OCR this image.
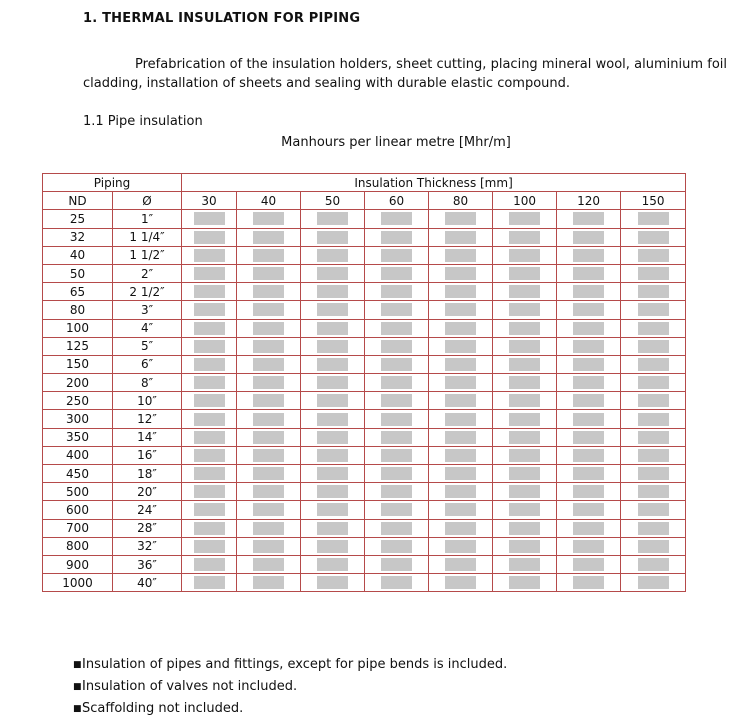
1. THERMAL INSULATION FOR PIPING
Prefabrication of the insulation holders, sheet cutting, placing mineral wool, aluminium foil cladding, installation of sheets and sealing with durable elastic compound.
1.1 Pipe insulation
Manhours per linear metre [Mhr/m]
Piping		Insulation Thickness [mm]							
ND	Ø	30	40	50	60	80	100	120	150
25	1″	

32	1 1/4″	

40	1 1/2″	

50	2″	

65	2 1/2″	

80	3″	

100	4″	

125	5″	

150	6″	

200	8″	

250	10″	

300	12″	

350	14″	

400	16″	

450	18″	

500	20″	

600	24″	

700	28″	

800	32″	

900	36″	

1000	40″	

■Insulation of pipes and fittings, except for pipe bends is included.
■Insulation of valves not included.
■Scaffolding not included.
